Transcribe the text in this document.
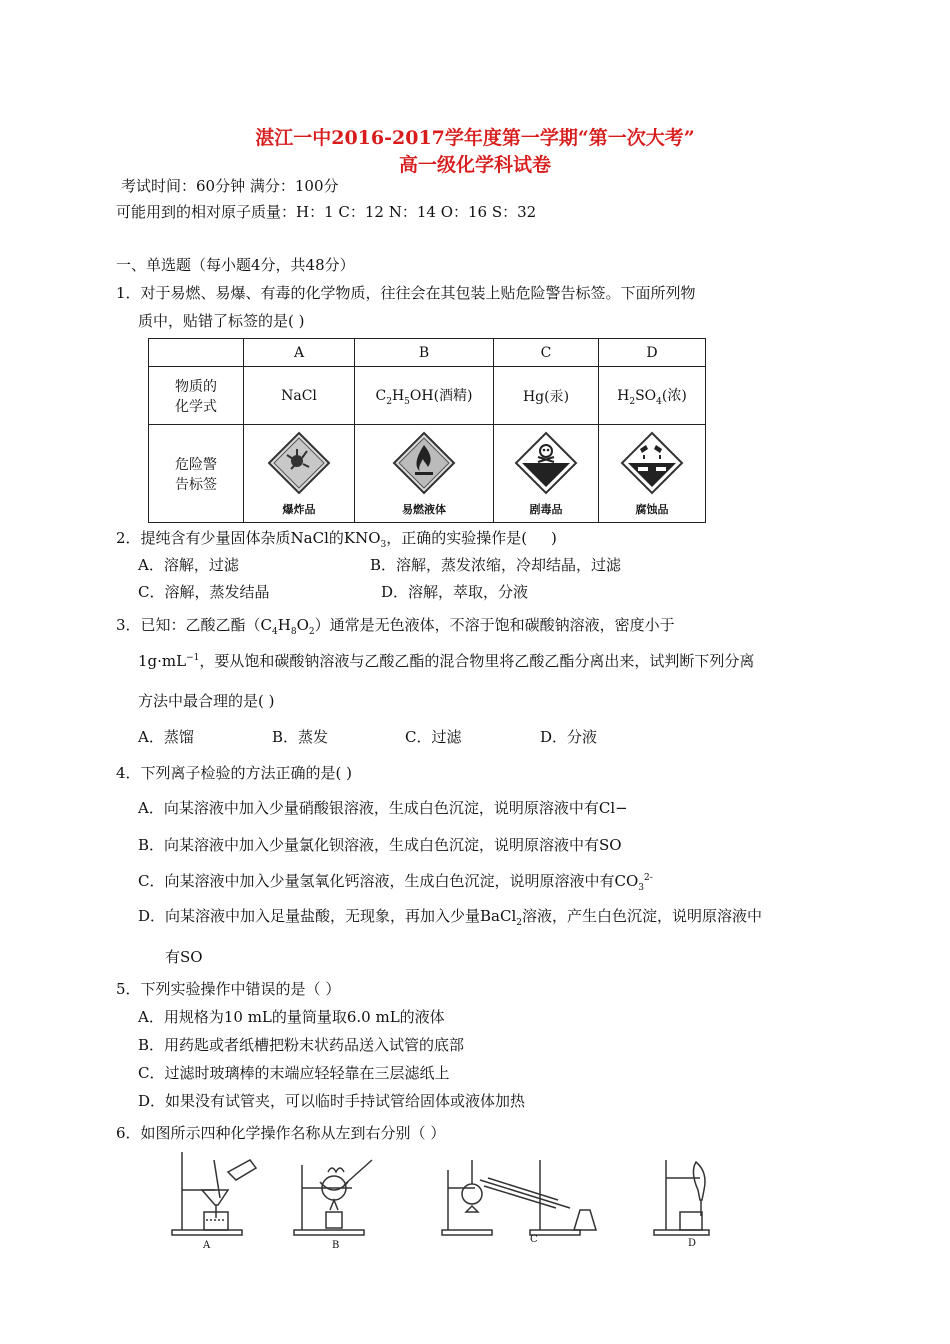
湛江一中2016-2017学年度第一学期“第一次大考”
高一级化学科试卷
考试时间：60分钟 满分：100分
可能用到的相对原子质量：H：1 C：12 N：14 O：16 S：32
一、单选题（每小题4分，共48分）
1．对于易燃、易爆、有毒的化学物质，往往会在其包装上贴危险警告标签。下面所列物
质中，贴错了标签的是( )
	A	B	C	D

物质的
化学式	NaCl	$C_2H_5OH$(酒精)	Hg(汞)	$H_2SO_4$(浓)

危险警
告标签	爆炸品	易燃液体	剧毒品	腐蚀品
2．提纯含有少量固体杂质NaCl的$KNO_3$，正确的实验操作是(     )
A．溶解，过滤	B．溶解，蒸发浓缩，冷却结晶，过滤
C．溶解，蒸发结晶	D．溶解，萃取，分液
3．已知：乙酸乙酯$(C_4H_8O_2)$通常是无色液体，不溶于饱和碳酸钠溶液，密度小于
$1g\cdot mL^{-1}$，要从饱和碳酸钠溶液与乙酸乙酯的混合物里将乙酸乙酯分离出来，试判断下列分离
方法中最合理的是( )
A．蒸馏	B．蒸发	C．过滤	D．分液
4．下列离子检验的方法正确的是( )
A．向某溶液中加入少量硝酸银溶液，生成白色沉淀，说明原溶液中有Cl−
B．向某溶液中加入少量氯化钡溶液，生成白色沉淀，说明原溶液中有SO
C．向某溶液中加入少量氢氧化钙溶液，生成白色沉淀，说明原溶液中有$CO_3^{2-}$
D．向某溶液中加入足量盐酸，无现象，再加入少量BaCl$_2$溶液，产生白色沉淀，说明原溶液中
有SO
5．下列实验操作中错误的是（ ）
A．用规格为10 mL的量筒量取6.0 mL的液体
B．用药匙或者纸槽把粉末状药品送入试管的底部
C．过滤时玻璃棒的末端应轻轻靠在三层滤纸上
D．如果没有试管夹，可以临时手持试管给固体或液体加热
6．如图所示四种化学操作名称从左到右分别（ ）
A	B
C	D
